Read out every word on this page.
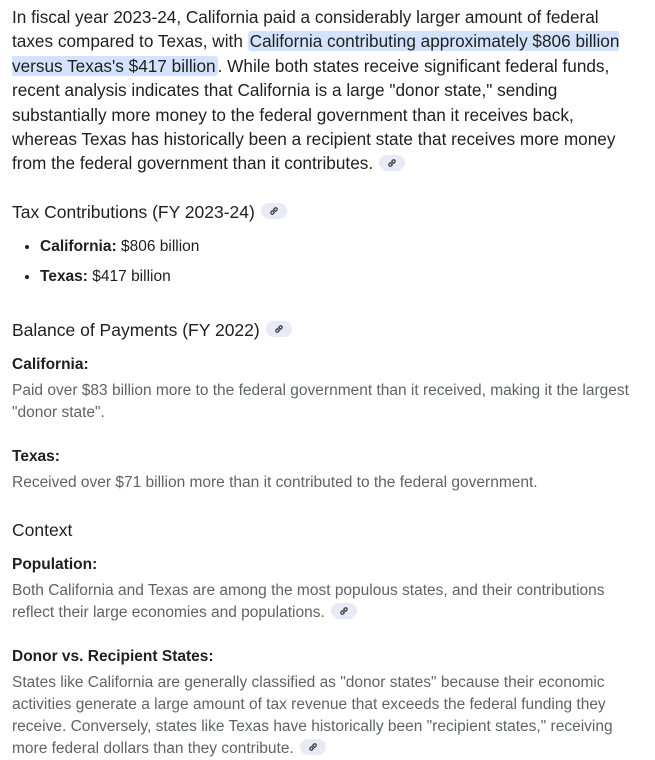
In fiscal year 2023-24, California paid a considerably larger amount of federal taxes compared to Texas, with California contributing approximately $806 billion versus Texas's $417 billion . While both states receive significant federal funds, recent analysis indicates that California is a large "donor state," sending substantially more money to the federal government than it receives back, whereas Texas has historically been a recipient state that receives more money from the federal government than it contributes.

Tax Contributions (FY 2023-24)
• California: $806 billion
• Texas: $417 billion
Balance of Payments (FY 2022)

California:

Paid over $83 billion more to the federal government than it received, making it the largest "donor state".

Texas:

Received over $71 billion more than it contributed to the federal government.

Context

Population:

Both California and Texas are among the most populous states, and their contributions reflect their large economies and populations.

Donor vs. Recipient States:

States like California are generally classified as "donor states" because their economic activities generate a large amount of tax revenue that exceeds the federal funding they receive. Conversely, states like Texas have historically been "recipient states," receiving more federal dollars than they contribute.
